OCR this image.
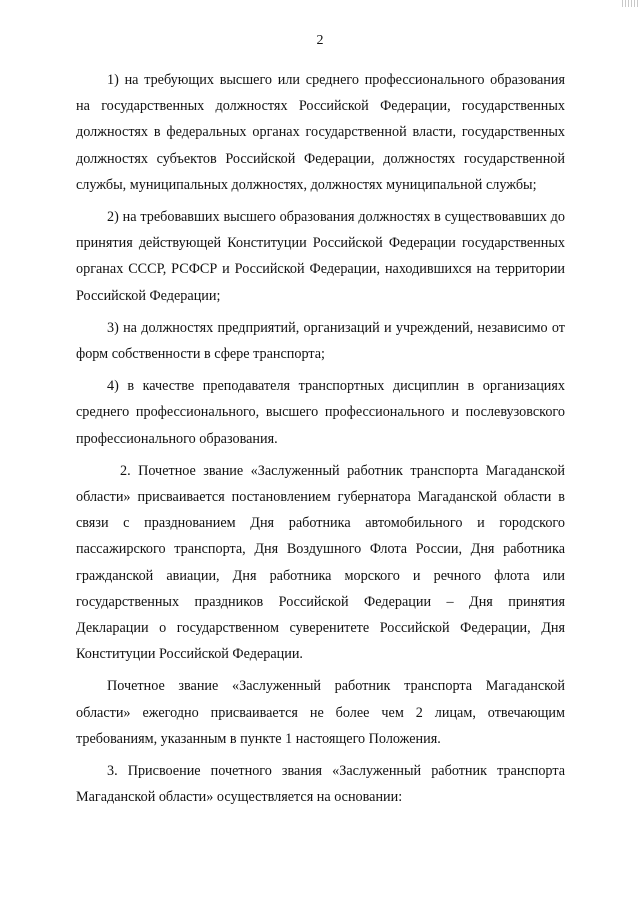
2

1) на требующих высшего или среднего профессионального образования на государственных должностях Российской Федерации, государственных должностях в федеральных органах государственной власти, государственных должностях субъектов Российской Федерации, должностях государственной службы, муниципальных должностях, должностях муниципальной службы;

2) на требовавших высшего образования должностях в существовавших до принятия действующей Конституции Российской Федерации государственных органах СССР, РСФСР и Российской Федерации, находившихся на территории Российской Федерации;

3) на должностях предприятий, организаций и учреждений, независимо от форм собственности в сфере транспорта;

4) в качестве преподавателя транспортных дисциплин в организациях среднего профессионального, высшего профессионального и послевузовского профессионального образования.

2. Почетное звание «Заслуженный работник транспорта Магаданской области» присваивается постановлением губернатора Магаданской области в связи с празднованием Дня работника автомобильного и городского пассажирского транспорта, Дня Воздушного Флота России, Дня работника гражданской авиации, Дня работника морского и речного флота или государственных праздников Российской Федерации – Дня принятия Декларации о государственном суверенитете Российской Федерации, Дня Конституции Российской Федерации.

Почетное звание «Заслуженный работник транспорта Магаданской области» ежегодно присваивается не более чем 2 лицам, отвечающим требованиям, указанным в пункте 1 настоящего Положения.

3. Присвоение почетного звания «Заслуженный работник транспорта Магаданской области» осуществляется на основании:
